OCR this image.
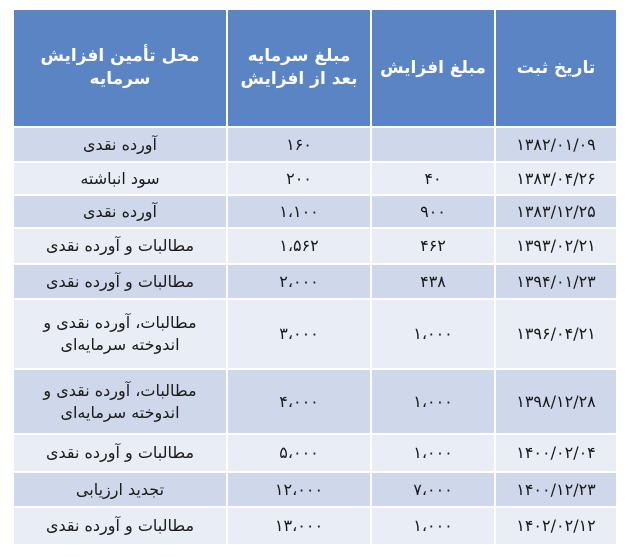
تاریخ ثبت	مبلغ افزایش	مبلغ سرمایه بعد از افزایش	محل تأمین افزایش سرمایه
۱۳۸۲/۰۱/۰۹		۱۶۰	آورده نقدی
۱۳۸۳/۰۴/۲۶	۴۰	۲۰۰	سود انباشته
۱۳۸۳/۱۲/۲۵	۹۰۰	۱،۱۰۰	آورده نقدی
۱۳۹۳/۰۲/۲۱	۴۶۲	۱،۵۶۲	مطالبات و آورده نقدی
۱۳۹۴/۰۱/۲۳	۴۳۸	۲،۰۰۰	مطالبات و آورده نقدی
۱۳۹۶/۰۴/۲۱	۱،۰۰۰	۳،۰۰۰	مطالبات، آورده نقدی و اندوخته سرمایه‌ای
۱۳۹۸/۱۲/۲۸	۱،۰۰۰	۴،۰۰۰	مطالبات، آورده نقدی و اندوخته سرمایه‌ای
۱۴۰۰/۰۲/۰۴	۱،۰۰۰	۵،۰۰۰	مطالبات و آورده نقدی
۱۴۰۰/۱۲/۲۳	۷،۰۰۰	۱۲،۰۰۰	تجدید ارزیابی
۱۴۰۲/۰۲/۱۲	۱،۰۰۰	۱۳،۰۰۰	مطالبات و آورده نقدی
